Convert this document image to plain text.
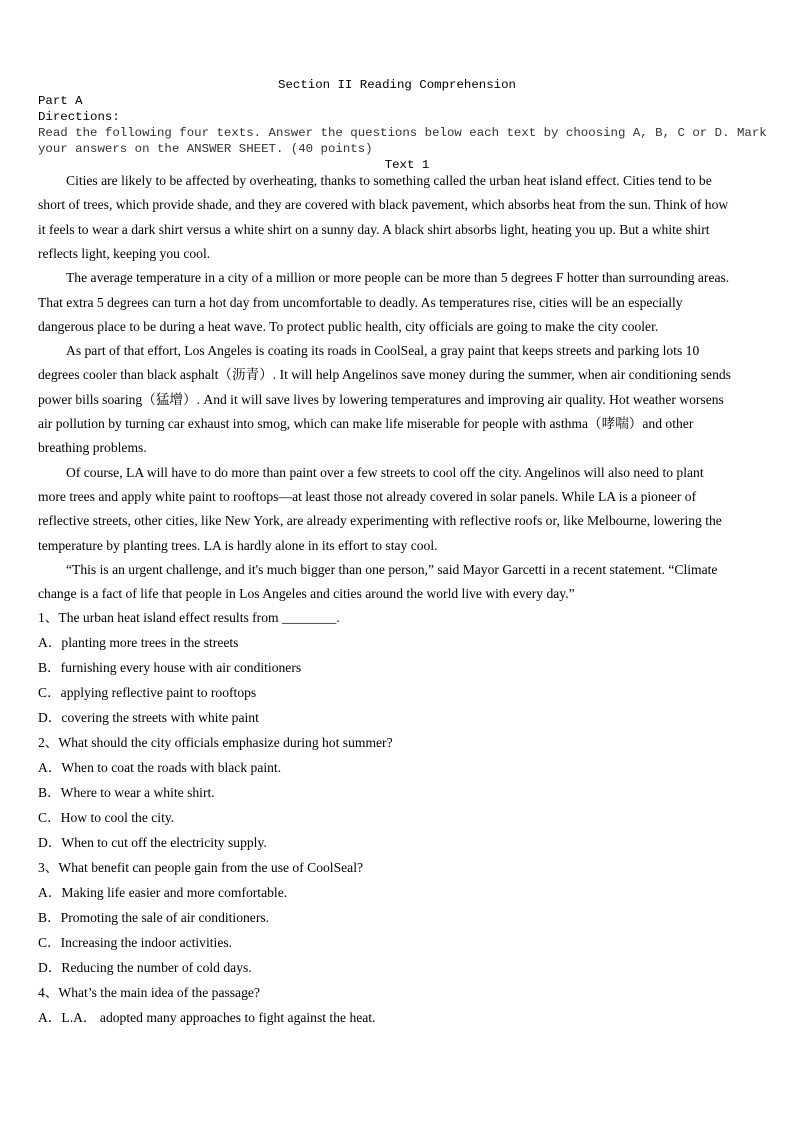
Section II Reading Comprehension
Part A
Directions:
Read the following four texts. Answer the questions below each text by choosing A, B, C or D. Mark
your answers on the ANSWER SHEET. (40 points)
Text 1
Cities are likely to be affected by overheating, thanks to something called the urban heat island effect. Cities tend to be
short of trees, which provide shade, and they are covered with black pavement, which absorbs heat from the sun. Think of how
it feels to wear a dark shirt versus a white shirt on a sunny day. A black shirt absorbs light, heating you up. But a white shirt
reflects light, keeping you cool.
The average temperature in a city of a million or more people can be more than 5 degrees F hotter than surrounding areas.
That extra 5 degrees can turn a hot day from uncomfortable to deadly. As temperatures rise, cities will be an especially
dangerous place to be during a heat wave. To protect public health, city officials are going to make the city cooler.
As part of that effort, Los Angeles is coating its roads in CoolSeal, a gray paint that keeps streets and parking lots 10
degrees cooler than black asphalt（沥青）. It will help Angelinos save money during the summer, when air conditioning sends
power bills soaring（猛增）. And it will save lives by lowering temperatures and improving air quality. Hot weather worsens
air pollution by turning car exhaust into smog, which can make life miserable for people with asthma（哮喘）and other
breathing problems.
Of course, LA will have to do more than paint over a few streets to cool off the city. Angelinos will also need to plant
more trees and apply white paint to rooftops—at least those not already covered in solar panels. While LA is a pioneer of
reflective streets, other cities, like New York, are already experimenting with reflective roofs or, like Melbourne, lowering the
temperature by planting trees. LA is hardly alone in its effort to stay cool.
“This is an urgent challenge, and it's much bigger than one person,” said Mayor Garcetti in a recent statement. “Climate
change is a fact of life that people in Los Angeles and cities around the world live with every day.”
1、The urban heat island effect results from ________.
A．planting more trees in the streets
B．furnishing every house with air conditioners
C．applying reflective paint to rooftops
D．covering the streets with white paint
2、What should the city officials emphasize during hot summer?
A．When to coat the roads with black paint.
B．Where to wear a white shirt.
C．How to cool the city.
D．When to cut off the electricity supply.
3、What benefit can people gain from the use of CoolSeal?
A．Making life easier and more comfortable.
B．Promoting the sale of air conditioners.
C．Increasing the indoor activities.
D．Reducing the number of cold days.
4、What’s the main idea of the passage?
A．L.A． adopted many approaches to fight against the heat.
